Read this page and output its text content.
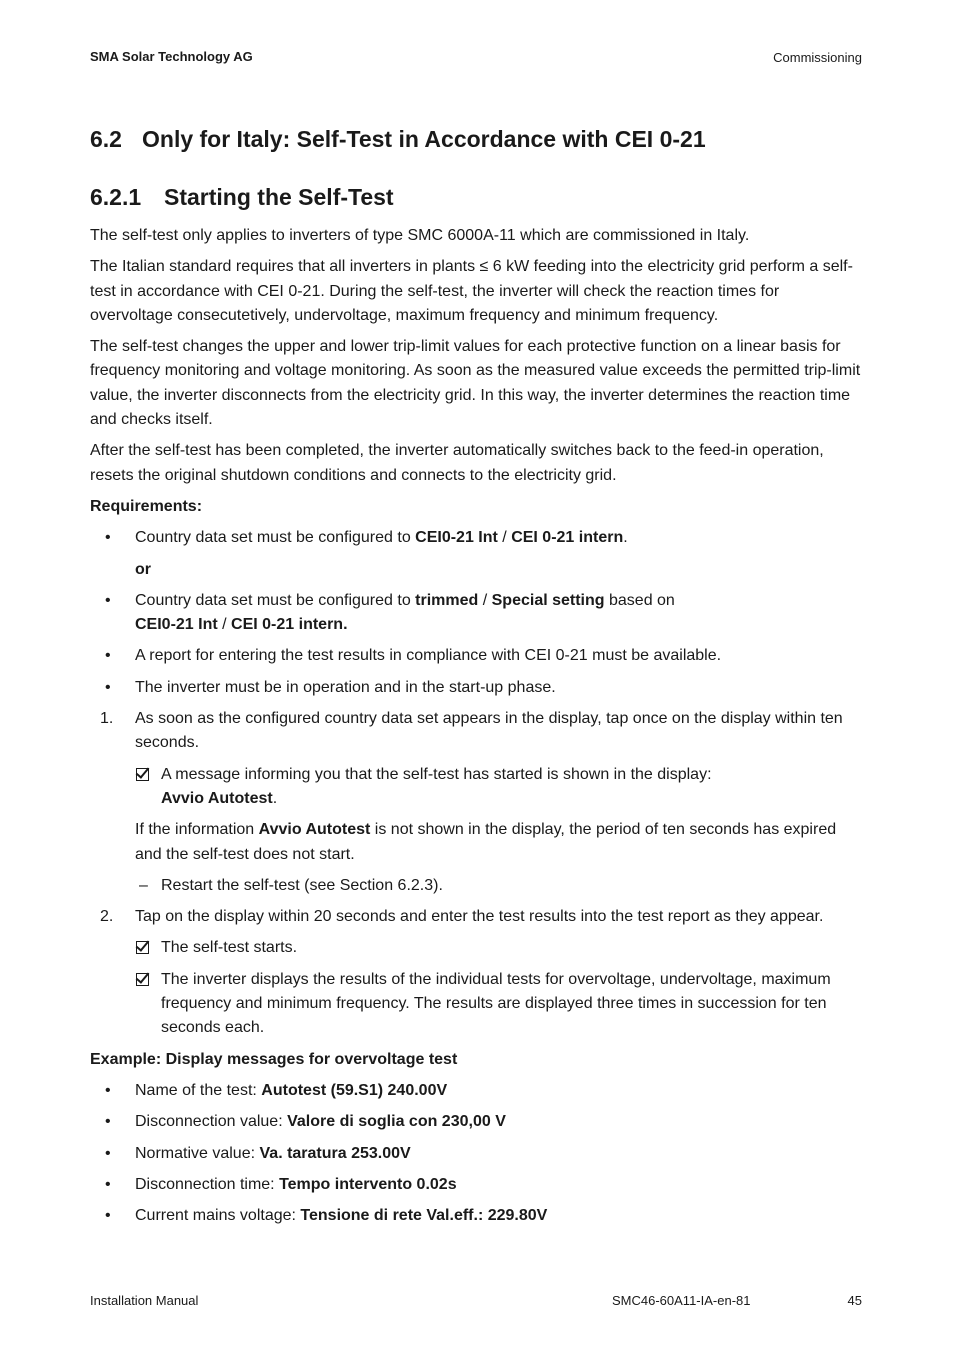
SMA Solar Technology AG	Commissioning
6.2 Only for Italy: Self-Test in Accordance with CEI 0-21
6.2.1 Starting the Self-Test

The self-test only applies to inverters of type SMC 6000A-11 which are commissioned in Italy.

The Italian standard requires that all inverters in plants ≤ 6 kW feeding into the electricity grid perform a self-test in accordance with CEI 0-21. During the self-test, the inverter will check the reaction times for overvoltage consecutetively, undervoltage, maximum frequency and minimum frequency.

The self-test changes the upper and lower trip-limit values for each protective function on a linear basis for frequency monitoring and voltage monitoring. As soon as the measured value exceeds the permitted trip-limit value, the inverter disconnects from the electricity grid. In this way, the inverter determines the reaction time and checks itself.

After the self-test has been completed, the inverter automatically switches back to the feed-in operation, resets the original shutdown conditions and connects to the electricity grid.

Requirements:

• Country data set must be configured to CEI0-21 Int / CEI 0-21 intern.
or
• Country data set must be configured to trimmed / Special setting based on
CEI0-21 Int / CEI 0-21 intern.
• A report for entering the test results in compliance with CEI 0-21 must be available.
• The inverter must be in operation and in the start-up phase.
1. As soon as the configured country data set appears in the display, tap once on the display within ten seconds.
A message informing you that the self-test has started is shown in the display:
Avvio Autotest.
If the information Avvio Autotest is not shown in the display, the period of ten seconds has expired and the self-test does not start.
– Restart the self-test (see Section 6.2.3).
2. Tap on the display within 20 seconds and enter the test results into the test report as they appear.
The self-test starts.
The inverter displays the results of the individual tests for overvoltage, undervoltage, maximum frequency and minimum frequency. The results are displayed three times in succession for ten seconds each.

Example: Display messages for overvoltage test

• Name of the test: Autotest (59.S1) 240.00V
• Disconnection value: Valore di soglia con 230,00 V
• Normative value: Va. taratura 253.00V
• Disconnection time: Tempo intervento 0.02s
• Current mains voltage: Tensione di rete Val.eff.: 229.80V
Installation Manual	SMC46-60A11-IA-en-81	45
